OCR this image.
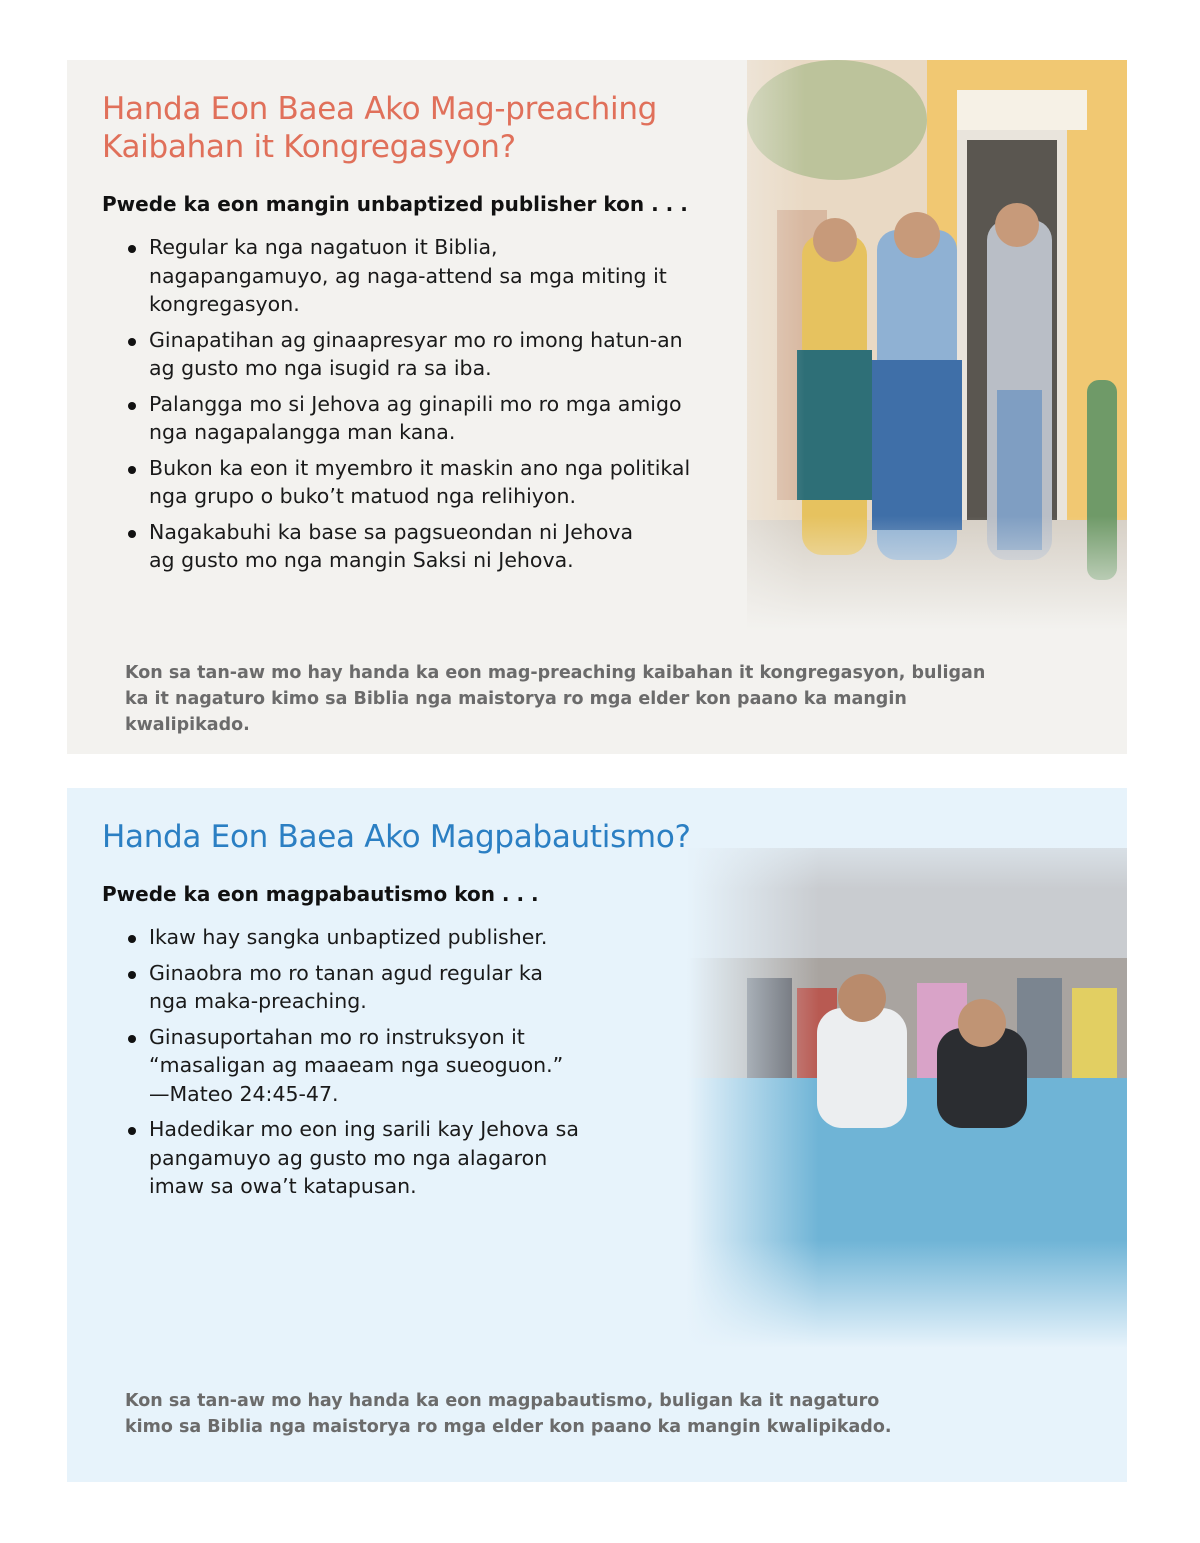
Handa Eon Baea Ako Mag-preaching
Kaibahan it Kongregasyon?
Pwede ka eon mangin unbaptized publisher kon . . .
Regular ka nga nagatuon it Biblia, nagapangamuyo, ag naga-attend sa mga miting it kongregasyon.
Ginapatihan ag ginaapresyar mo ro imong hatun-an ag gusto mo nga isugid ra sa iba.
Palangga mo si Jehova ag ginapili mo ro mga amigo nga nagapalangga man kana.
Bukon ka eon it myembro it maskin ano nga politikal nga grupo o buko’t matuod nga relihiyon.
Nagakabuhi ka base sa pagsueondan ni Jehova ag gusto mo nga mangin Saksi ni Jehova.
Kon sa tan-aw mo hay handa ka eon mag-preaching kaibahan it kongregasyon, buligan ka it nagaturo kimo sa Biblia nga maistorya ro mga elder kon paano ka mangin kwalipikado.
Handa Eon Baea Ako Magpabautismo?
Pwede ka eon magpabautismo kon . . .
Ikaw hay sangka unbaptized publisher.
Ginaobra mo ro tanan agud regular ka nga maka-preaching.
Ginasuportahan mo ro instruksyon it “masaligan ag maaeam nga sueoguon.” —Mateo 24:45-47.
Hadedikar mo eon ing sarili kay Jehova sa pangamuyo ag gusto mo nga alagaron imaw sa owa’t katapusan.
Kon sa tan-aw mo hay handa ka eon magpabautismo, buligan ka it nagaturo kimo sa Biblia nga maistorya ro mga elder kon paano ka mangin kwalipikado.
